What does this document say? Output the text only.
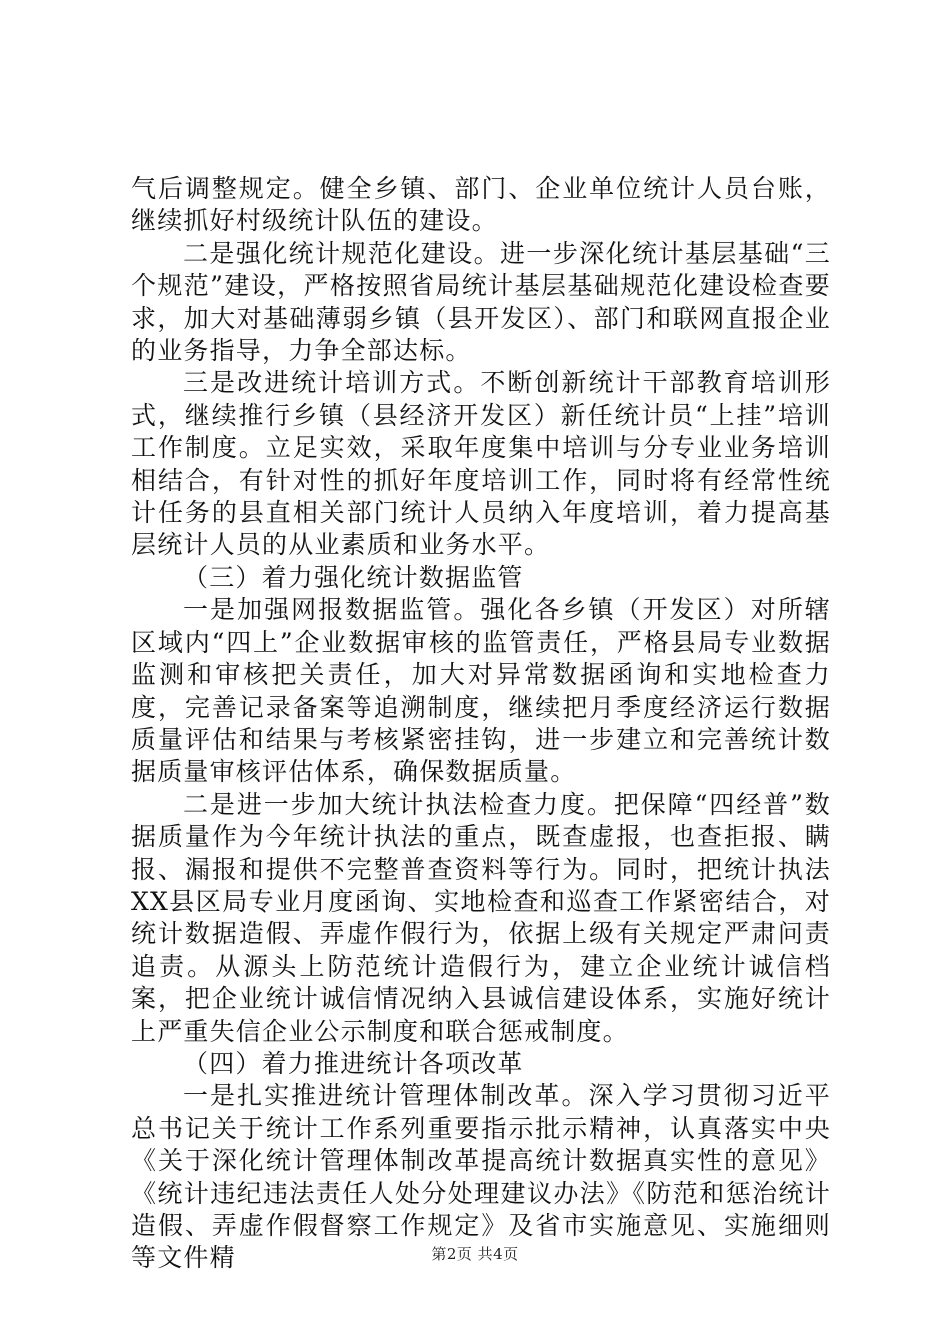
气后调整规定。健全乡镇、部门、企业单位统计人员台账，继续抓好村级统计队伍的建设。

二是强化统计规范化建设。进一步深化统计基层基础“三个规范”建设，严格按照省局统计基层基础规范化建设检查要求，加大对基础薄弱乡镇（县开发区）、部门和联网直报企业的业务指导，力争全部达标。

三是改进统计培训方式。不断创新统计干部教育培训形式，继续推行乡镇（县经济开发区）新任统计员“上挂”培训工作制度。立足实效，采取年度集中培训与分专业业务培训相结合，有针对性的抓好年度培训工作，同时将有经常性统计任务的县直相关部门统计人员纳入年度培训，着力提高基层统计人员的从业素质和业务水平。

（三）着力强化统计数据监管

一是加强网报数据监管。强化各乡镇（开发区）对所辖区域内“四上”企业数据审核的监管责任，严格县局专业数据监测和审核把关责任，加大对异常数据函询和实地检查力度，完善记录备案等追溯制度，继续把月季度经济运行数据质量评估和结果与考核紧密挂钩，进一步建立和完善统计数据质量审核评估体系，确保数据质量。

二是进一步加大统计执法检查力度。把保障“四经普”数据质量作为今年统计执法的重点，既查虚报，也查拒报、瞒报、漏报和提供不完整普查资料等行为。同时，把统计执法XX县区局专业月度函询、实地检查和巡查工作紧密结合，对统计数据造假、弄虚作假行为，依据上级有关规定严肃问责追责。从源头上防范统计造假行为，建立企业统计诚信档案，把企业统计诚信情况纳入县诚信建设体系，实施好统计上严重失信企业公示制度和联合惩戒制度。

（四）着力推进统计各项改革

一是扎实推进统计管理体制改革。深入学习贯彻习近平总书记关于统计工作系列重要指示批示精神，认真落实中央《关于深化统计管理体制改革提高统计数据真实性的意见》《统计违纪违法责任人处分处理建议办法》《防范和惩治统计造假、弄虚作假督察工作规定》及省市实施意见、实施细则等文件精	第2页 共4页
